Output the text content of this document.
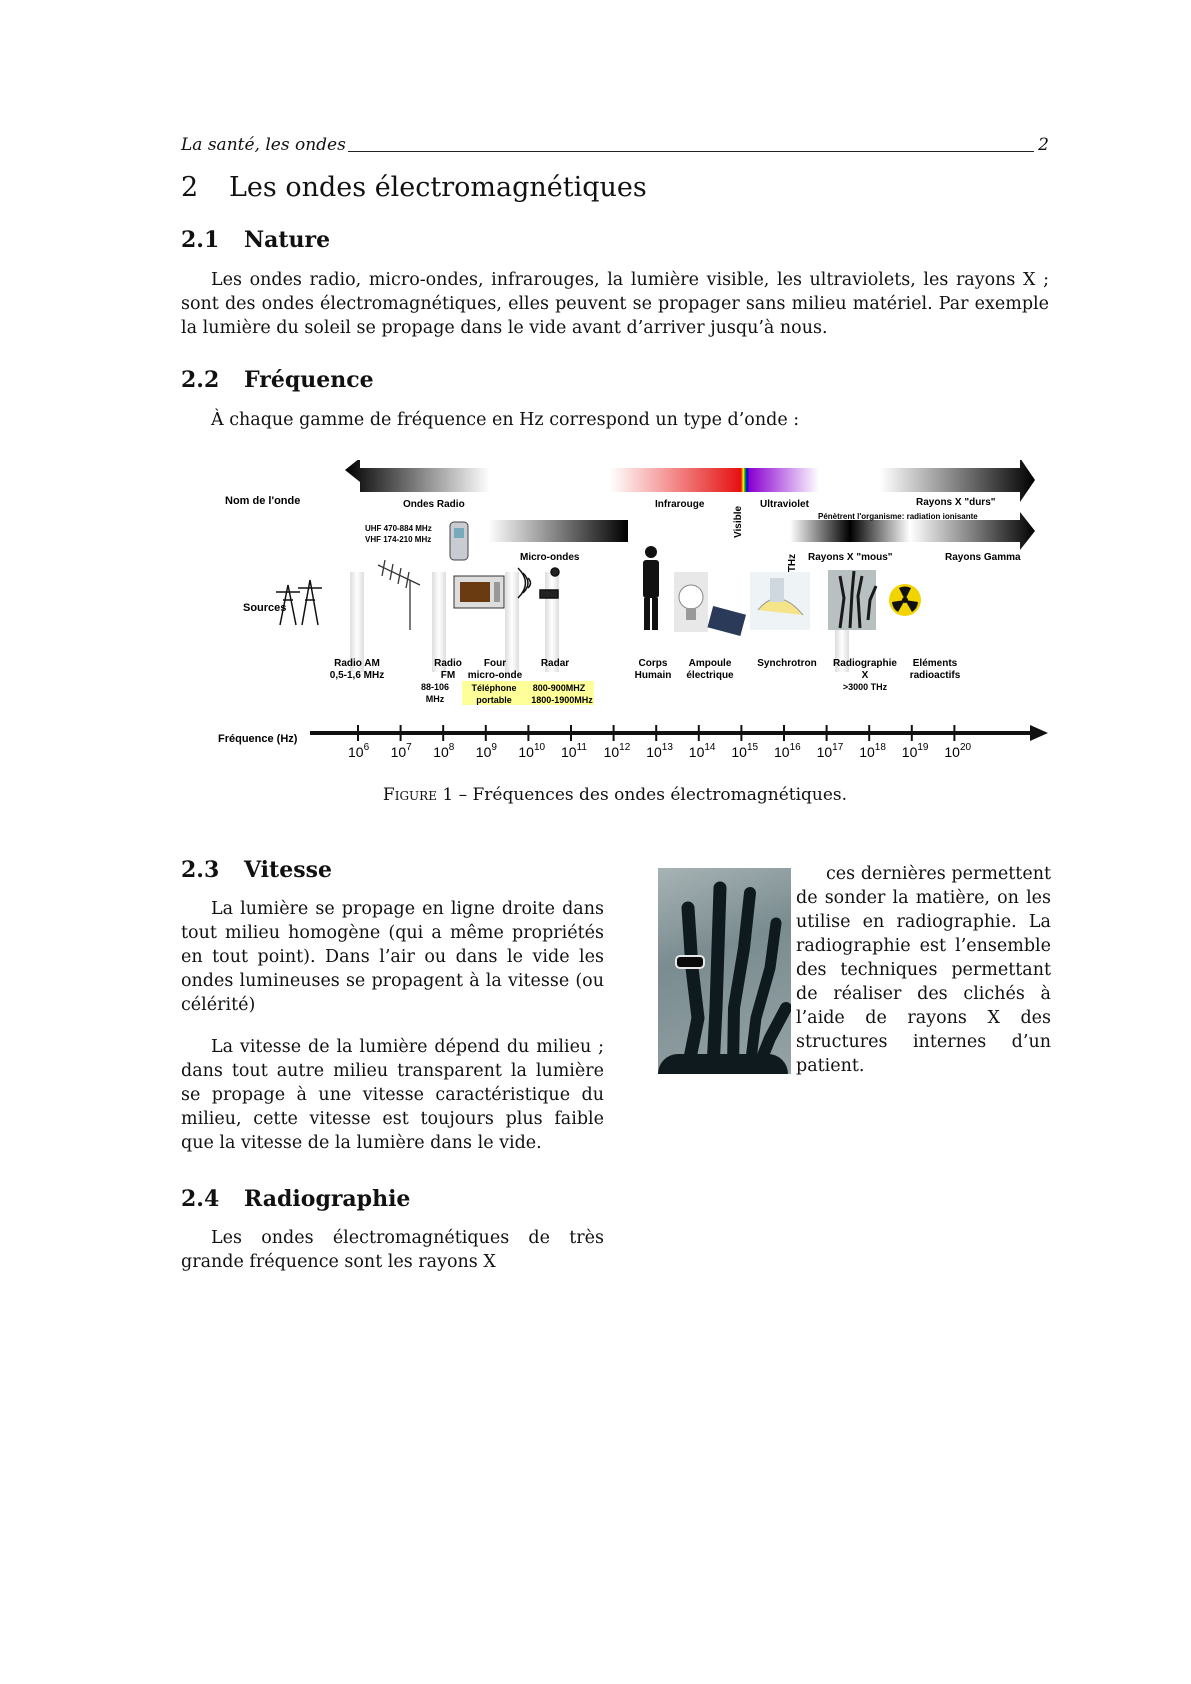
La santé, les ondes	2
2 Les ondes électromagnétiques
2.1 Nature

Les ondes radio, micro-ondes, infrarouges, la lumière visible, les ultraviolets, les rayons X ; sont des ondes électromagnétiques, elles peuvent se propager sans milieu matériel. Par exemple la lumière du soleil se propage dans le vide avant d’arriver jusqu’à nous.

2.2 Fréquence

À chaque gamme de fréquence en Hz correspond un type d’onde :

Nom de l'onde
Sources
Fréquence (Hz)
Ondes Radio	Infrarouge
Visible
Ultraviolet	Rayons X "durs"
Pénètrent l'organisme: radiation ionisante
Micro-ondes	Rayons X "mous"	Rayons Gamma
UHF 470-884 MHz
VHF 174-210 MHz
Radio AM
0,5-1,6 MHz
Radio
FM
88-106
MHz
Four
micro-onde
Téléphone
portable
800-900MHZ
1800-1900MHz
Radar	Corps
Humain
Ampoule
électrique
Synchrotron Radiographie
X
>3000 THz
Eléments
radioactifs
$10^6$ $10^7$ $10^8$ $10^9$ $10^{10}$ $10^{11}$ $10^{12}$ $10^{13}$ $10^{14}$ $10^{15}$ $10^{16}$ $10^{17}$ $10^{18}$ $10^{19}$ $10^{20}$
Figure 1 – Fréquences des ondes électromagnétiques.
2.3 Vitesse

La lumière se propage en ligne droite dans tout milieu homogène (qui a même propriétés en tout point). Dans l’air ou dans le vide les ondes lumineuses se propagent à la vitesse (ou célérité)

La vitesse de la lumière dépend du milieu ; dans tout autre milieu transparent la lumière se propage à une vitesse caractéristique du milieu, cette vitesse est toujours plus faible que la vitesse de la lumière dans le vide.

2.4 Radiographie

Les ondes électromagnétiques de très grande fréquence sont les rayons X

ces dernières permettent de sonder la matière, on les utilise en radiographie. La radiographie est l’ensemble des techniques permettant de réaliser des clichés à l’aide de rayons X des structures internes d’un patient.
